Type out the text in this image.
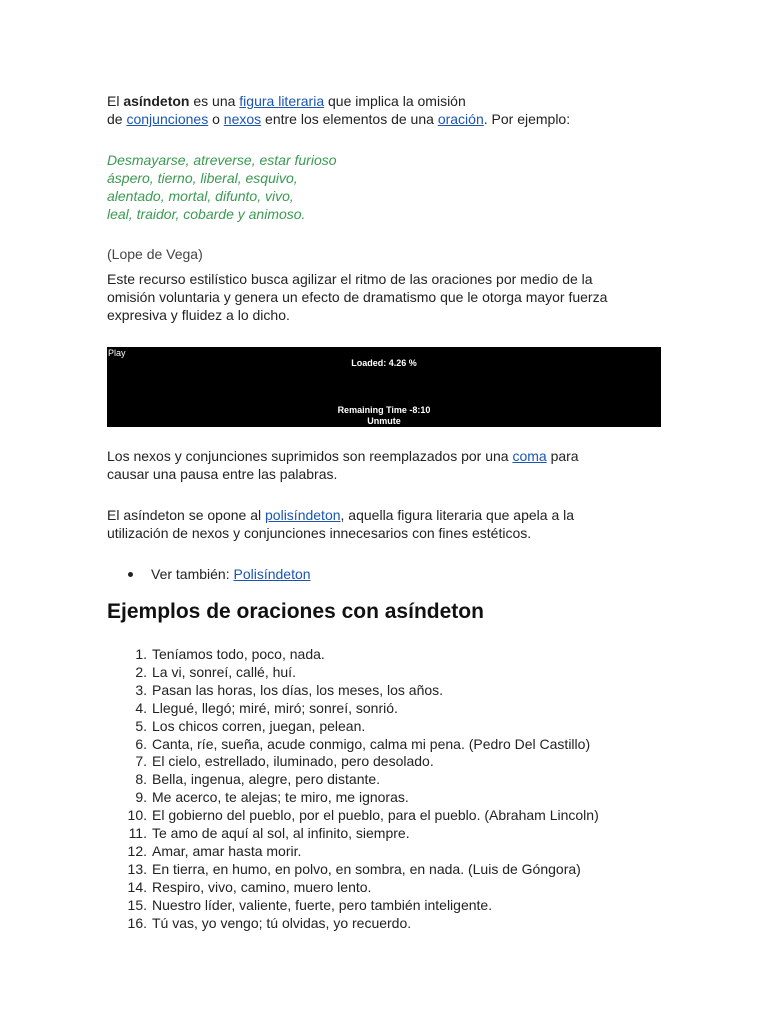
El asíndeton es una figura literaria que implica la omisión
de conjunciones o nexos entre los elementos de una oración. Por ejemplo:

Desmayarse, atreverse, estar furioso
áspero, tierno, liberal, esquivo,
alentado, mortal, difunto, vivo,
leal, traidor, cobarde y animoso.

(Lope de Vega)

Este recurso estilístico busca agilizar el ritmo de las oraciones por medio de la
omisión voluntaria y genera un efecto de dramatismo que le otorga mayor fuerza
expresiva y fluidez a lo dicho.

Play
Loaded: 4.26 %
Remaining Time -8:10
Unmute

Los nexos y conjunciones suprimidos son reemplazados por una coma para
causar una pausa entre las palabras.

El asíndeton se opone al polisíndeton, aquella figura literaria que apela a la
utilización de nexos y conjunciones innecesarios con fines estéticos.

Ver también: Polisíndeton
Ejemplos de oraciones con asíndeton
1. Teníamos todo, poco, nada.
2. La vi, sonreí, callé, huí.
3. Pasan las horas, los días, los meses, los años.
4. Llegué, llegó; miré, miró; sonreí, sonrió.
5. Los chicos corren, juegan, pelean.
6. Canta, ríe, sueña, acude conmigo, calma mi pena. (Pedro Del Castillo)
7. El cielo, estrellado, iluminado, pero desolado.
8. Bella, ingenua, alegre, pero distante.
9. Me acerco, te alejas; te miro, me ignoras.
10. El gobierno del pueblo, por el pueblo, para el pueblo. (Abraham Lincoln)
11. Te amo de aquí al sol, al infinito, siempre.
12. Amar, amar hasta morir.
13. En tierra, en humo, en polvo, en sombra, en nada. (Luis de Góngora)
14. Respiro, vivo, camino, muero lento.
15. Nuestro líder, valiente, fuerte, pero también inteligente.
16. Tú vas, yo vengo; tú olvidas, yo recuerdo.
